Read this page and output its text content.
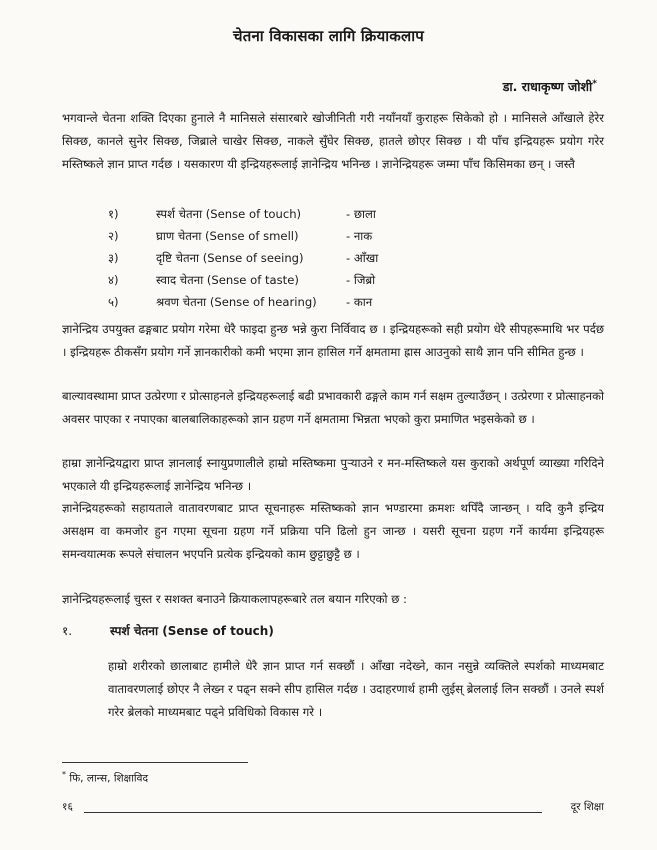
चेतना विकासका लागि क्रियाकलाप
डा. राधाकृष्ण जोशी*

भगवान्ले चेतना शक्ति दिएका हुनाले नै मानिसले संसारबारे खोजीनिती गरी नयाँनयाँ कुराहरू सिकेको हो । मानिसले आँखाले हेरेर सिक्छ, कानले सुनेर सिक्छ, जिब्राले चाखेर सिक्छ, नाकले सुँघेर सिक्छ, हातले छोएर सिक्छ । यी पाँच इन्द्रियहरू प्रयोग गरेर मस्तिष्कले ज्ञान प्राप्त गर्दछ । यसकारण यी इन्द्रियहरूलाई ज्ञानेन्द्रिय भनिन्छ । ज्ञानेन्द्रियहरू जम्मा पाँच किसिमका छन् । जस्तै

१)	स्पर्श चेतना (Sense of touch)	- छाला
२)	घ्राण चेतना (Sense of smell)	- नाक
३)	दृष्टि चेतना (Sense of seeing)	- आँखा
४)	स्वाद चेतना (Sense of taste)	- जिब्रो
५)	श्रवण चेतना (Sense of hearing)	- कान

ज्ञानेन्द्रिय उपयुक्त ढङ्गबाट प्रयोग गरेमा धेरै फाइदा हुन्छ भन्ने कुरा निर्विवाद छ । इन्द्रियहरूको सही प्रयोग धेरै सीपहरूमाथि भर पर्दछ । इन्द्रियहरू ठीकसँग प्रयोग गर्ने ज्ञानकारीको कमी भएमा ज्ञान हासिल गर्ने क्षमतामा ह्रास आउनुको साथै ज्ञान पनि सीमित हुन्छ ।

बाल्यावस्थामा प्राप्त उत्प्रेरणा र प्रोत्साहनले इन्द्रियहरूलाई बढी प्रभावकारी ढङ्गले काम गर्न सक्षम तुल्याउँछन् । उत्प्रेरणा र प्रोत्साहनको अवसर पाएका र नपाएका बालबालिकाहरूको ज्ञान ग्रहण गर्ने क्षमतामा भिन्नता भएको कुरा प्रमाणित भइसकेको छ ।

हाम्रा ज्ञानेन्द्रियद्वारा प्राप्त ज्ञानलाई स्नायुप्रणालीले हाम्रो मस्तिष्कमा पुऱ्याउने र मन-मस्तिष्कले यस कुराको अर्थपूर्ण व्याख्या गरिदिने भएकाले यी इन्द्रियहरूलाई ज्ञानेन्द्रिय भनिन्छ ।

ज्ञानेन्द्रियहरूको सहायताले वातावरणबाट प्राप्त सूचनाहरू मस्तिष्कको ज्ञान भण्डारमा क्रमशः थपिँदै जान्छन् । यदि कुनै इन्द्रिय असक्षम वा कमजोर हुन गएमा सूचना ग्रहण गर्ने प्रक्रिया पनि ढिलो हुन जान्छ । यसरी सूचना ग्रहण गर्ने कार्यमा इन्द्रियहरू समन्वयात्मक रूपले संचालन भएपनि प्रत्येक इन्द्रियको काम छुट्टाछुट्टै छ ।

ज्ञानेन्द्रियहरूलाई चुस्त र सशक्त बनाउने क्रियाकलापहरूबारे तल बयान गरिएको छ :

१.	स्पर्श चेतना (Sense of touch)

हाम्रो शरीरको छालाबाट हामीले धेरै ज्ञान प्राप्त गर्न सक्छौं । आँखा नदेख्ने, कान नसुन्ने व्यक्तिले स्पर्शको माध्यमबाट वातावरणलाई छोएर नै लेख्न र पढ्न सक्ने सीप हासिल गर्दछ । उदाहरणार्थ हामी लुईस् ब्रेललाई लिन सक्छौं । उनले स्पर्श गरेर ब्रेलको माध्यमबाट पढ्ने प्रविधिको विकास गरे ।

* फि, लान्स, शिक्षाविद
१६	दूर शिक्षा
